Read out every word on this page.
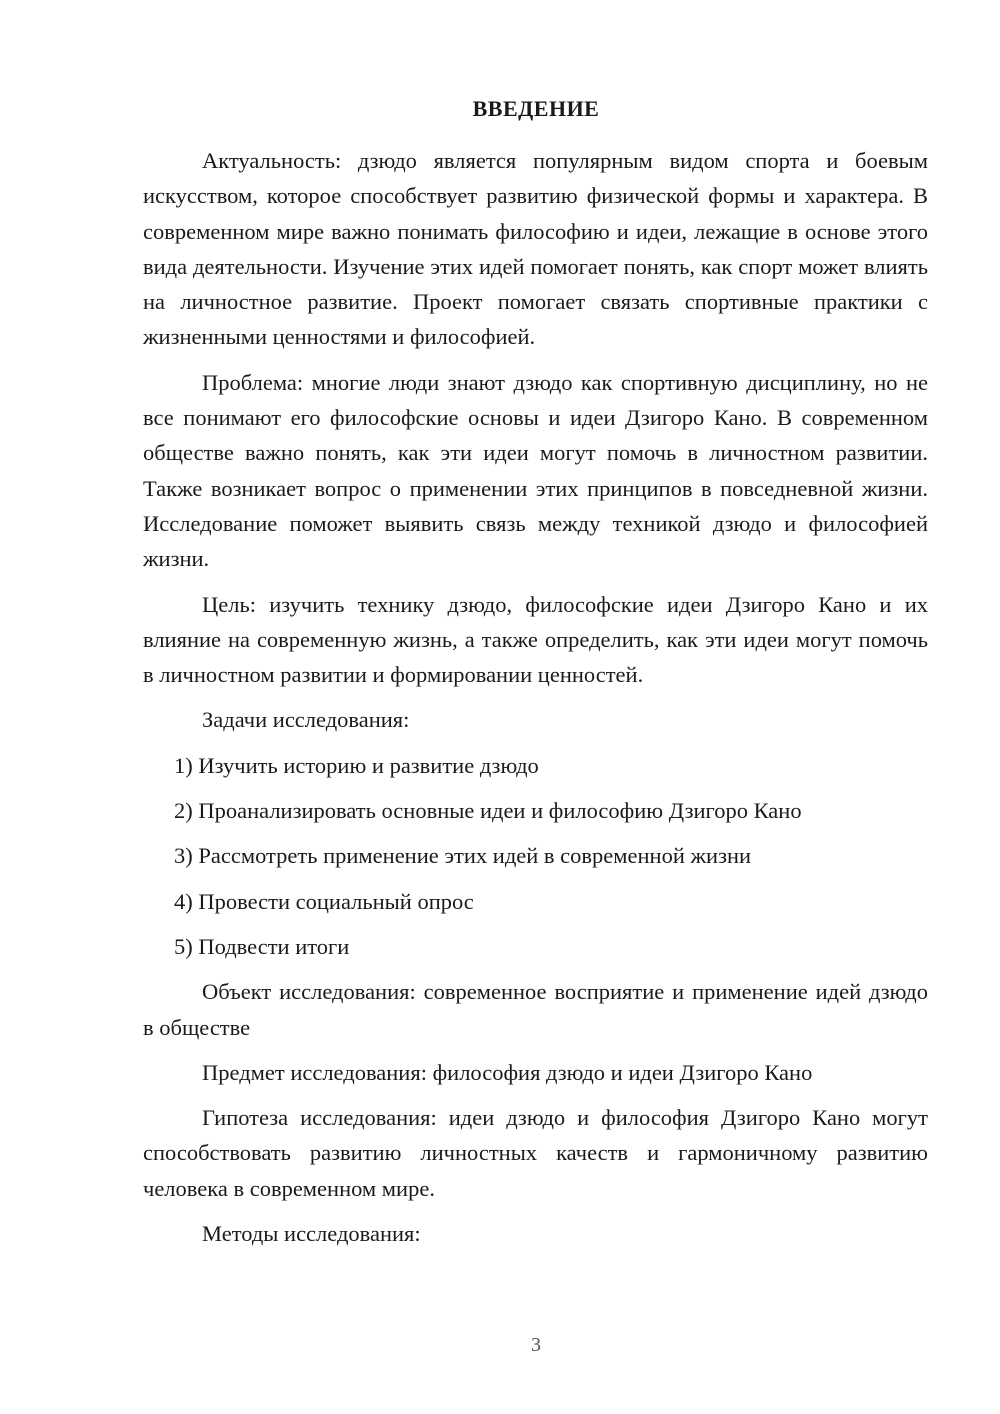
ВВЕДЕНИЕ

Актуальность: дзюдо является популярным видом спорта и боевым искусством, которое способствует развитию физической формы и характера. В современном мире важно понимать философию и идеи, лежащие в основе этого вида деятельности. Изучение этих идей помогает понять, как спорт может влиять на личностное развитие. Проект помогает связать спортивные практики с жизненными ценностями и философией.

Проблема: многие люди знают дзюдо как спортивную дисциплину, но не все понимают его философские основы и идеи Дзигоро Кано. В современном обществе важно понять, как эти идеи могут помочь в личностном развитии. Также возникает вопрос о применении этих принципов в повседневной жизни. Исследование поможет выявить связь между техникой дзюдо и философией жизни.

Цель: изучить технику дзюдо, философские идеи Дзигоро Кано и их влияние на современную жизнь, а также определить, как эти идеи могут помочь в личностном развитии и формировании ценностей.

Задачи исследования:

1) Изучить историю и развитие дзюдо
2) Проанализировать основные идеи и философию Дзигоро Кано
3) Рассмотреть применение этих идей в современной жизни
4) Провести социальный опрос
5) Подвести итоги

Объект исследования: современное восприятие и применение идей дзюдо в обществе

Предмет исследования: философия дзюдо и идеи Дзигоро Кано

Гипотеза исследования: идеи дзюдо и философия Дзигоро Кано могут способствовать развитию личностных качеств и гармоничному развитию человека в современном мире.

Методы исследования:

3
